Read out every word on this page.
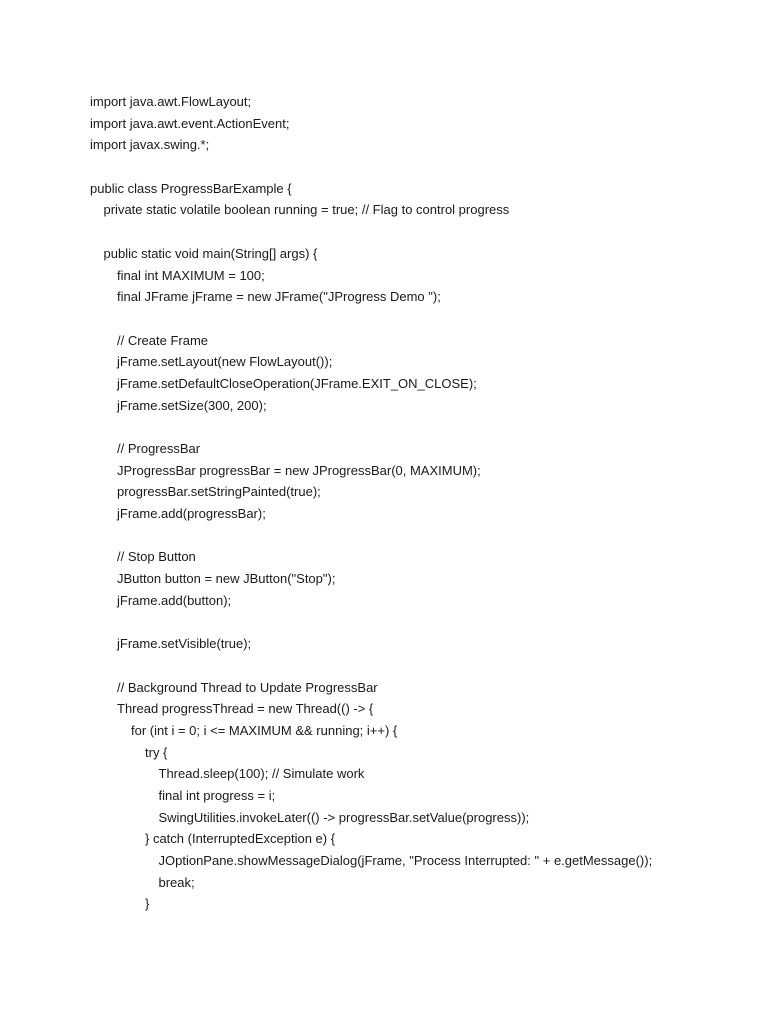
import java.awt.FlowLayout;
import java.awt.event.ActionEvent;
import javax.swing.*;
public class ProgressBarExample {
private static volatile boolean running = true; // Flag to control progress
public static void main(String[] args) {
final int MAXIMUM = 100;
final JFrame jFrame = new JFrame("JProgress Demo ");
// Create Frame
jFrame.setLayout(new FlowLayout());
jFrame.setDefaultCloseOperation(JFrame.EXIT_ON_CLOSE);
jFrame.setSize(300, 200);
// ProgressBar
JProgressBar progressBar = new JProgressBar(0, MAXIMUM);
progressBar.setStringPainted(true);
jFrame.add(progressBar);
// Stop Button
JButton button = new JButton("Stop");
jFrame.add(button);
jFrame.setVisible(true);
// Background Thread to Update ProgressBar
Thread progressThread = new Thread(() -> {
for (int i = 0; i <= MAXIMUM && running; i++) {
try {
Thread.sleep(100); // Simulate work
final int progress = i;
SwingUtilities.invokeLater(() -> progressBar.setValue(progress));
} catch (InterruptedException e) {
JOptionPane.showMessageDialog(jFrame, "Process Interrupted: " + e.getMessage());
break;
}
